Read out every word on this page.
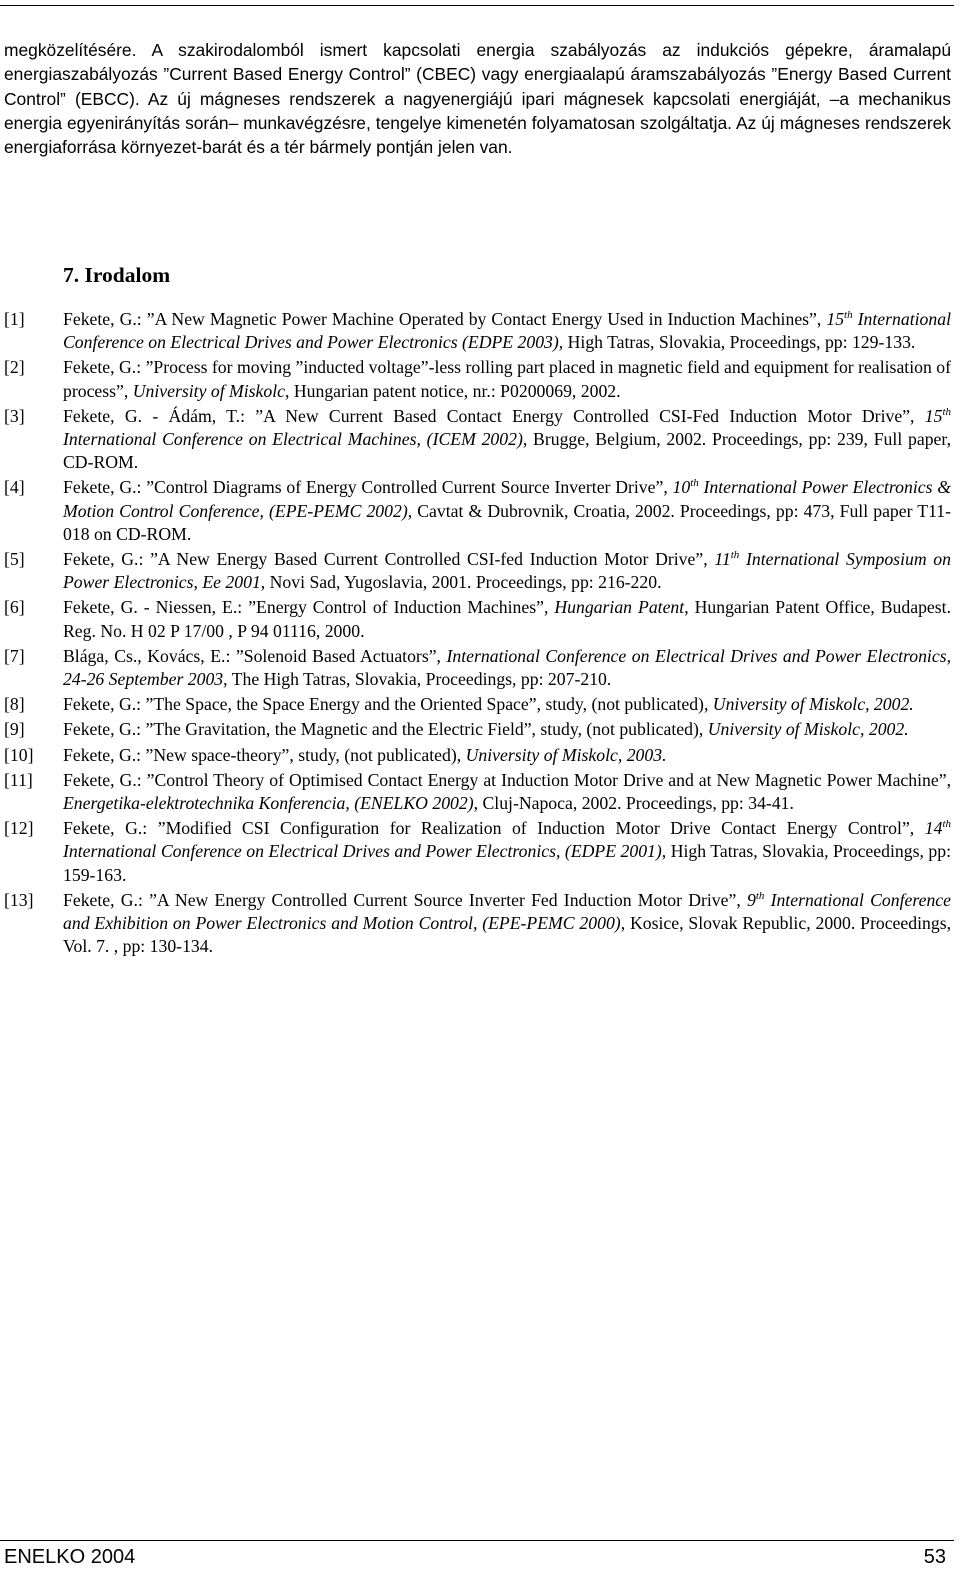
megközelítésére. A szakirodalomból ismert kapcsolati energia szabályozás az indukciós gépekre, áramalapú energiaszabályozás ”Current Based Energy Control” (CBEC) vagy energiaalapú áramszabályozás ”Energy Based Current Control” (EBCC). Az új mágneses rendszerek a nagyenergiájú ipari mágnesek kapcsolati energiáját, –a mechanikus energia egyenirányítás során– munkavégzésre, tengelye kimenetén folyamatosan szolgáltatja. Az új mágneses rendszerek energiaforrása környezet-barát és a tér bármely pontján jelen van.

7. Irodalom
[1] Fekete, G.: ”A New Magnetic Power Machine Operated by Contact Energy Used in Induction Machines”, 15th International Conference on Electrical Drives and Power Electronics (EDPE 2003), High Tatras, Slovakia, Proceedings, pp: 129-133.
[2] Fekete, G.: ”Process for moving ”inducted voltage”-less rolling part placed in magnetic field and equipment for realisation of process”, University of Miskolc, Hungarian patent notice, nr.: P0200069, 2002.
[3] Fekete, G. - Ádám, T.: ”A New Current Based Contact Energy Controlled CSI-Fed Induction Motor Drive”, 15th International Conference on Electrical Machines, (ICEM 2002), Brugge, Belgium, 2002. Proceedings, pp: 239, Full paper, CD-ROM.
[4] Fekete, G.: ”Control Diagrams of Energy Controlled Current Source Inverter Drive”, 10th International Power Electronics & Motion Control Conference, (EPE-PEMC 2002), Cavtat & Dubrovnik, Croatia, 2002. Proceedings, pp: 473, Full paper T11-018 on CD-ROM.
[5] Fekete, G.: ”A New Energy Based Current Controlled CSI-fed Induction Motor Drive”, 11th International Symposium on Power Electronics, Ee 2001, Novi Sad, Yugoslavia, 2001. Proceedings, pp: 216-220.
[6] Fekete, G. - Niessen, E.: ”Energy Control of Induction Machines”, Hungarian Patent, Hungarian Patent Office, Budapest. Reg. No. H 02 P 17/00 , P 94 01116, 2000.
[7] Blága, Cs., Kovács, E.: ”Solenoid Based Actuators”, International Conference on Electrical Drives and Power Electronics, 24-26 September 2003, The High Tatras, Slovakia, Proceedings, pp: 207-210.
[8] Fekete, G.: ”The Space, the Space Energy and the Oriented Space”, study, (not publicated), University of Miskolc, 2002.
[9] Fekete, G.: ”The Gravitation, the Magnetic and the Electric Field”, study, (not publicated), University of Miskolc, 2002.
[10] Fekete, G.: ”New space-theory”, study, (not publicated), University of Miskolc, 2003.
[11] Fekete, G.: ”Control Theory of Optimised Contact Energy at Induction Motor Drive and at New Magnetic Power Machine”, Energetika-elektrotechnika Konferencia, (ENELKO 2002), Cluj-Napoca, 2002. Proceedings, pp: 34-41.
[12] Fekete, G.: ”Modified CSI Configuration for Realization of Induction Motor Drive Contact Energy Control”, 14th International Conference on Electrical Drives and Power Electronics, (EDPE 2001), High Tatras, Slovakia, Proceedings, pp: 159-163.
[13] Fekete, G.: ”A New Energy Controlled Current Source Inverter Fed Induction Motor Drive”, 9th International Conference and Exhibition on Power Electronics and Motion Control, (EPE-PEMC 2000), Kosice, Slovak Republic, 2000. Proceedings, Vol. 7. , pp: 130-134.
ENELKO 2004	53
